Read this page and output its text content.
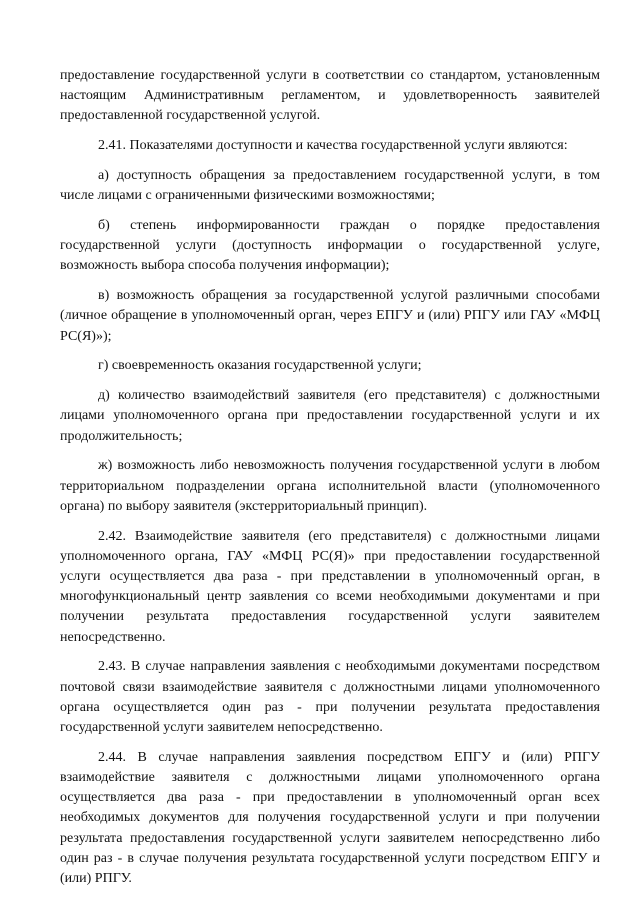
предоставление государственной услуги в соответствии со стандартом, установленным настоящим Административным регламентом, и удовлетворенность заявителей предоставленной государственной услугой.

2.41. Показателями доступности и качества государственной услуги являются:

а) доступность обращения за предоставлением государственной услуги, в том числе лицами с ограниченными физическими возможностями;

б) степень информированности граждан о порядке предоставления государственной услуги (доступность информации о государственной услуге, возможность выбора способа получения информации);

в) возможность обращения за государственной услугой различными способами (личное обращение в уполномоченный орган, через ЕПГУ и (или) РПГУ или ГАУ «МФЦ РС(Я)»);

г) своевременность оказания государственной услуги;

д) количество взаимодействий заявителя (его представителя) с должностными лицами уполномоченного органа при предоставлении государственной услуги и их продолжительность;

ж) возможность либо невозможность получения государственной услуги в любом территориальном подразделении органа исполнительной власти (уполномоченного органа) по выбору заявителя (экстерриториальный принцип).

2.42. Взаимодействие заявителя (его представителя) с должностными лицами уполномоченного органа, ГАУ «МФЦ РС(Я)» при предоставлении государственной услуги осуществляется два раза - при представлении в уполномоченный орган, в многофункциональный центр заявления со всеми необходимыми документами и при получении результата предоставления государственной услуги заявителем непосредственно.

2.43. В случае направления заявления с необходимыми документами посредством почтовой связи взаимодействие заявителя с должностными лицами уполномоченного органа осуществляется один раз - при получении результата предоставления государственной услуги заявителем непосредственно.

2.44. В случае направления заявления посредством ЕПГУ и (или) РПГУ взаимодействие заявителя с должностными лицами уполномоченного органа осуществляется два раза - при предоставлении в уполномоченный орган всех необходимых документов для получения государственной услуги и при получении результата предоставления государственной услуги заявителем непосредственно либо один раз - в случае получения результата государственной услуги посредством ЕПГУ и (или) РПГУ.
